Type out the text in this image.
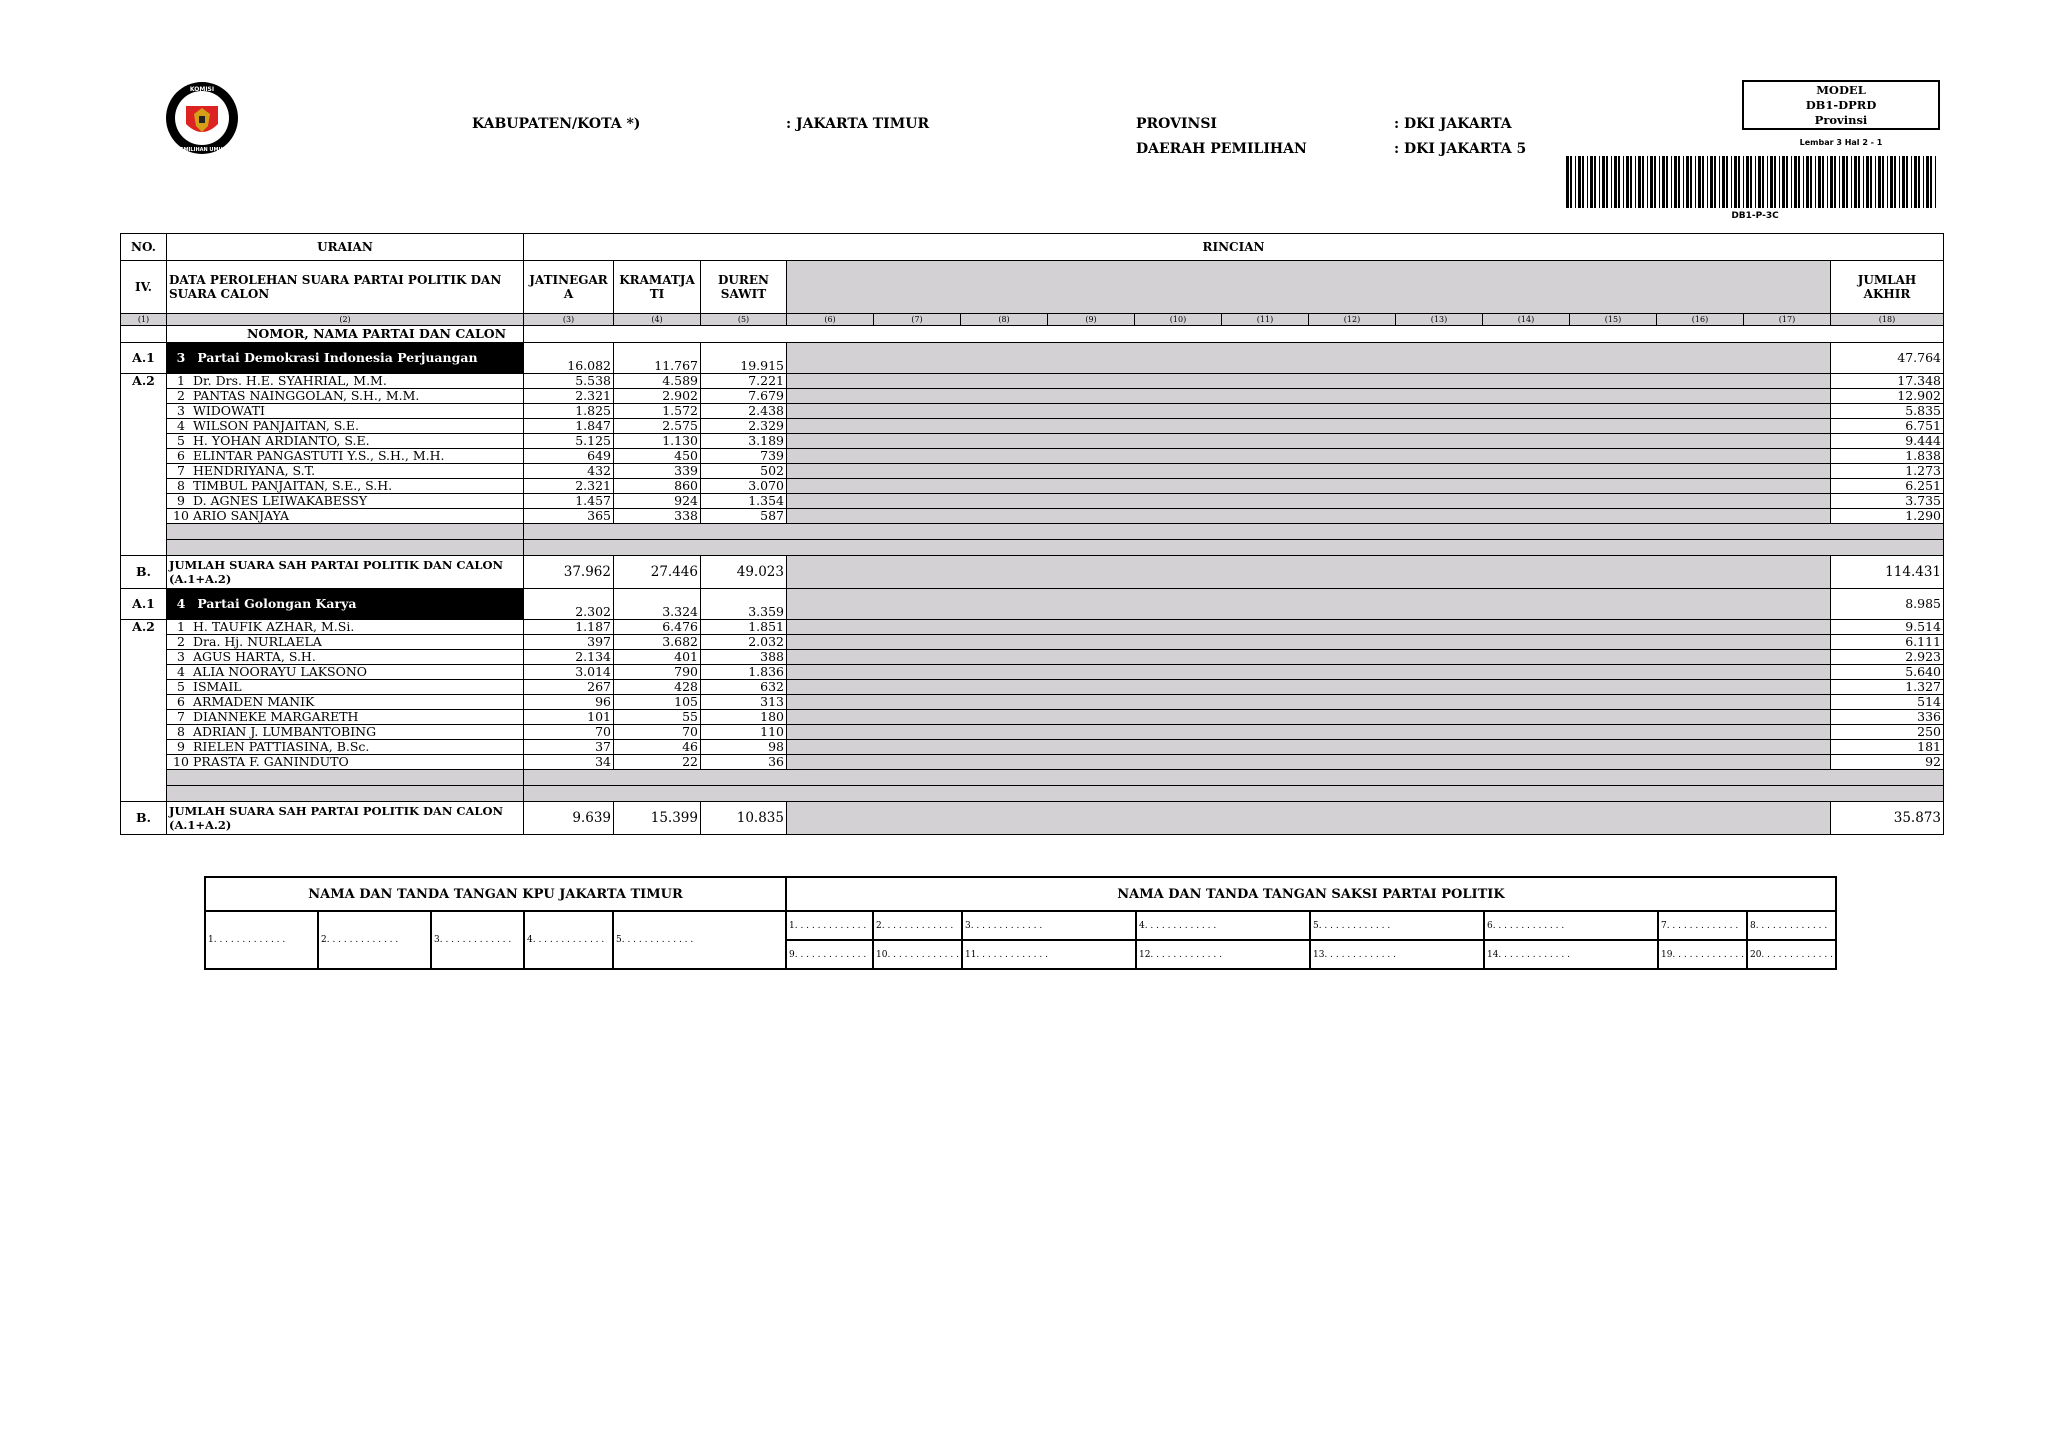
KOMISI
PEMILIHAN UMUM
KABUPATEN/KOTA *)	: JAKARTA TIMUR	PROVINSI	: DKI JAKARTA
DAERAH PEMILIHAN	: DKI JAKARTA 5
MODEL
DB1-DPRD
Provinsi
Lembar 3 Hal 2 - 1
DB1-P-3C
NO.	URAIAN	RINCIAN															
IV.	DATA PEROLEHAN SUARA PARTAI POLITIK DAN SUARA CALON	JATINEGAR A	KRAMATJA TI	DUREN SAWIT													JUMLAH AKHIR
(1)	(2)	(3)	(4)	(5)	(6)	(7)	(8)	(9)	(10)	(11)	(12)	(13)	(14)	(15)	(16)	(17)	(18)
	NOMOR, NAMA PARTAI DAN CALON																
A.1	3 Partai Demokrasi Indonesia Perjuangan	16.082	11.767	19.915													47.764
A.2	1 Dr. Drs. H.E. SYAHRIAL, M.M.	5.538	4.589	7.221													17.348
	2 PANTAS NAINGGOLAN, S.H., M.M.	2.321	2.902	7.679													12.902
	3 WIDOWATI	1.825	1.572	2.438													5.835
	4 WILSON PANJAITAN, S.E.	1.847	2.575	2.329													6.751
	5 H. YOHAN ARDIANTO, S.E.	5.125	1.130	3.189													9.444
	6 ELINTAR PANGASTUTI Y.S., S.H., M.H.	649	450	739													1.838
	7 HENDRIYANA, S.T.	432	339	502													1.273
	8 TIMBUL PANJAITAN, S.E., S.H.	2.321	860	3.070													6.251
	9 D. AGNES LEIWAKABESSY	1.457	924	1.354													3.735
	10 ARIO SANJAYA	365	338	587													1.290

B.	JUMLAH SUARA SAH PARTAI POLITIK DAN CALON (A.1+A.2)	37.962	27.446	49.023													114.431
A.1	4 Partai Golongan Karya	2.302	3.324	3.359													8.985
A.2	1 H. TAUFIK AZHAR, M.Si.	1.187	6.476	1.851													9.514
	2 Dra. Hj. NURLAELA	397	3.682	2.032													6.111
	3 AGUS HARTA, S.H.	2.134	401	388													2.923
	4 ALIA NOORAYU LAKSONO	3.014	790	1.836													5.640
	5 ISMAIL	267	428	632													1.327
	6 ARMADEN MANIK	96	105	313													514
	7 DIANNEKE MARGARETH	101	55	180													336
	8 ADRIAN J. LUMBANTOBING	70	70	110													250
	9 RIELEN PATTIASINA, B.Sc.	37	46	98													181
	10 PRASTA F. GANINDUTO	34	22	36													92

B.	JUMLAH SUARA SAH PARTAI POLITIK DAN CALON (A.1+A.2)	9.639	15.399	10.835													35.873
NAMA DAN TANDA TANGAN KPU JAKARTA TIMUR					NAMA DAN TANDA TANGAN SAKSI PARTAI POLITIK							
1. . . . . . . . . . . . .	2. . . . . . . . . . . . .	3. . . . . . . . . . . . .	4. . . . . . . . . . . . .	5. . . . . . . . . . . . .	1. . . . . . . . . . . . .	2. . . . . . . . . . . . .	3. . . . . . . . . . . . .	4. . . . . . . . . . . . .	5. . . . . . . . . . . . .	6. . . . . . . . . . . . .	7. . . . . . . . . . . . .	8. . . . . . . . . . . . .
					9. . . . . . . . . . . . .	10. . . . . . . . . . . . .	11. . . . . . . . . . . . .	12. . . . . . . . . . . . .	13. . . . . . . . . . . . .	14. . . . . . . . . . . . .	19. . . . . . . . . . . . .	20. . . . . . . . . . . . .
